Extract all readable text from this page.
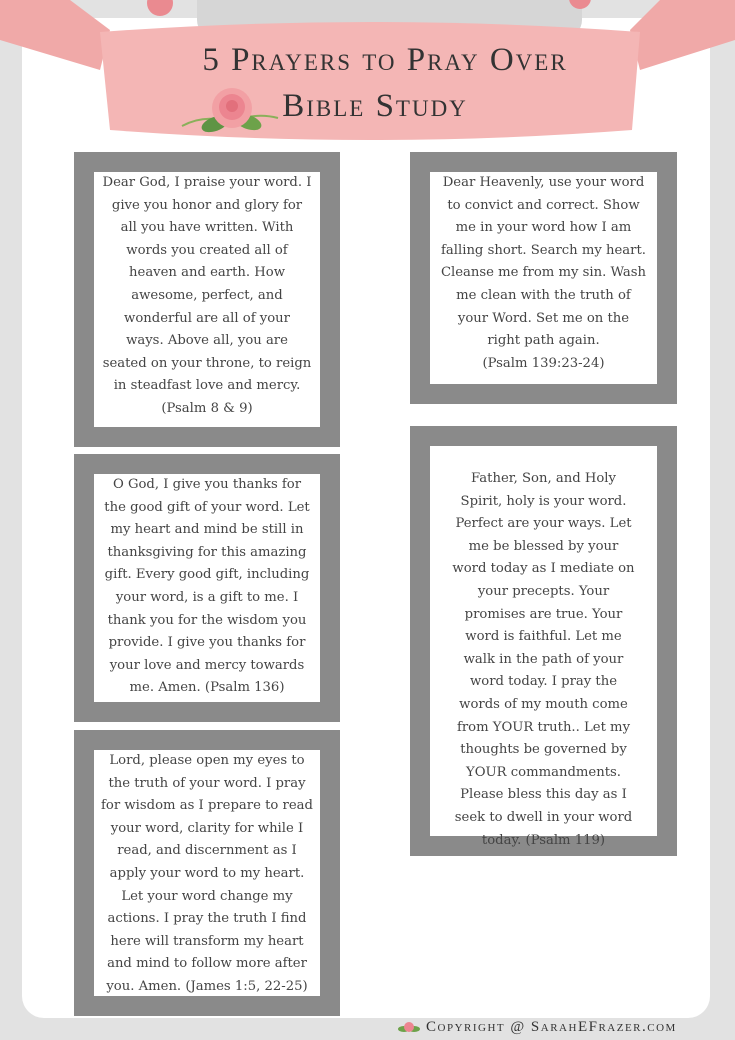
5 Prayers to Pray Over
Bible Study
Dear God, I praise your word. I
give you honor and glory for
all you have written. With
words you created all of
heaven and earth. How
awesome, perfect, and
wonderful are all of your
ways. Above all, you are
seated on your throne, to reign
in steadfast love and mercy.
(Psalm 8 & 9)
Dear Heavenly, use your word
to convict and correct. Show
me in your word how I am
falling short. Search my heart.
Cleanse me from my sin. Wash
me clean with the truth of
your Word. Set me on the
right path again.
(Psalm 139:23-24)
O God, I give you thanks for
the good gift of your word. Let
my heart and mind be still in
thanksgiving for this amazing
gift. Every good gift, including
your word, is a gift to me. I
thank you for the wisdom you
provide. I give you thanks for
your love and mercy towards
me. Amen. (Psalm 136)
Father, Son, and Holy
Spirit, holy is your word.
Perfect are your ways. Let
me be blessed by your
word today as I mediate on
your precepts. Your
promises are true. Your
word is faithful. Let me
walk in the path of your
word today. I pray the
words of my mouth come
from YOUR truth.. Let my
thoughts be governed by
YOUR commandments.
Please bless this day as I
seek to dwell in your word
today. (Psalm 119)
Lord, please open my eyes to
the truth of your word. I pray
for wisdom as I prepare to read
your word, clarity for while I
read, and discernment as I
apply your word to my heart.
Let your word change my
actions. I pray the truth I find
here will transform my heart
and mind to follow more after
you. Amen. (James 1:5, 22-25)
Copyright @ SarahEFrazer.com
